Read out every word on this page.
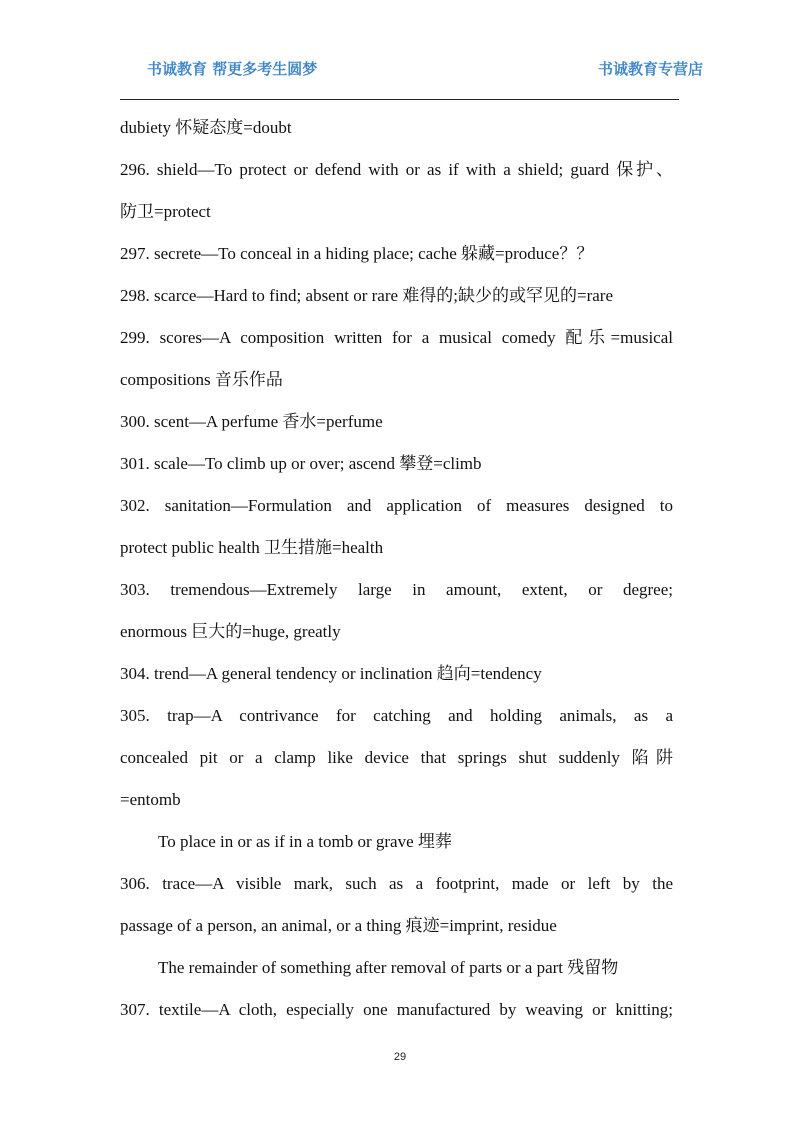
书诚教育 帮更多考生圆梦	书诚教育专营店
dubiety 怀疑态度=doubt
296. shield—To protect or defend with or as if with a shield; guard 保护、
防卫=protect
297. secrete—To conceal in a hiding place; cache 躲藏=produce？？
298. scarce—Hard to find; absent or rare 难得的;缺少的或罕见的=rare
299. scores—A composition written for a musical comedy 配乐=musical
compositions 音乐作品
300. scent—A perfume 香水=perfume
301. scale—To climb up or over; ascend 攀登=climb
302. sanitation—Formulation and application of measures designed to
protect public health 卫生措施=health
303. tremendous—Extremely large in amount, extent, or degree;
enormous 巨大的=huge, greatly
304. trend—A general tendency or inclination 趋向=tendency
305. trap—A contrivance for catching and holding animals, as a
concealed pit or a clamp like device that springs shut suddenly 陷阱
=entomb
To place in or as if in a tomb or grave 埋葬
306. trace—A visible mark, such as a footprint, made or left by the
passage of a person, an animal, or a thing 痕迹=imprint, residue
The remainder of something after removal of parts or a part 残留物
307. textile—A cloth, especially one manufactured by weaving or knitting;
29
